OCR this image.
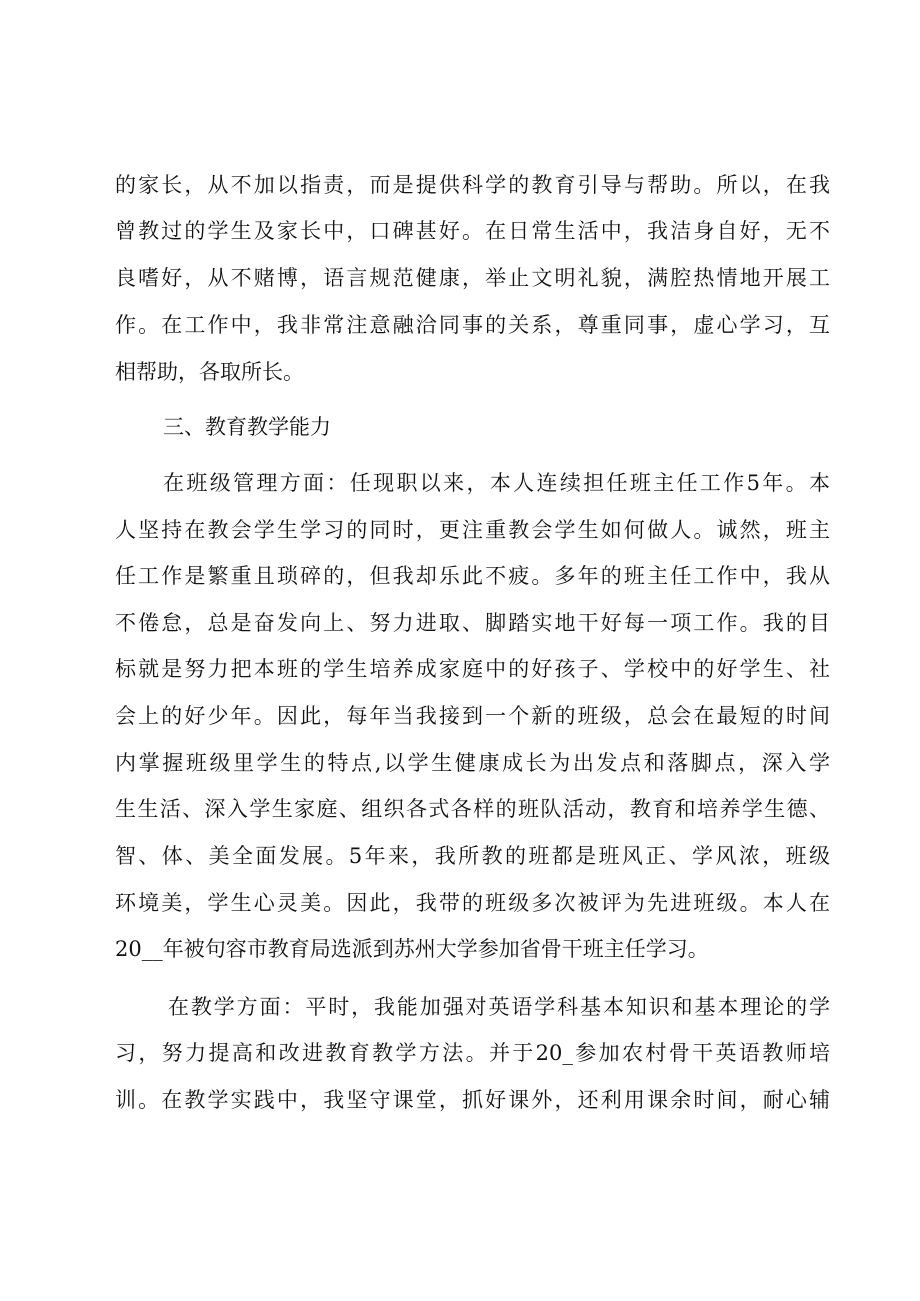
的家长，从不加以指责，而是提供科学的教育引导与帮助。所以，在我
曾教过的学生及家长中，口碑甚好。在日常生活中，我洁身自好，无不
良嗜好，从不赌博，语言规范健康，举止文明礼貌，满腔热情地开展工
作。在工作中，我非常注意融洽同事的关系，尊重同事，虚心学习，互
相帮助，各取所长。
三、教育教学能力
在班级管理方面：任现职以来，本人连续担任班主任工作5年。本
人坚持在教会学生学习的同时，更注重教会学生如何做人。诚然，班主
任工作是繁重且琐碎的，但我却乐此不疲。多年的班主任工作中，我从
不倦怠，总是奋发向上、努力进取、脚踏实地干好每一项工作。我的目
标就是努力把本班的学生培养成家庭中的好孩子、学校中的好学生、社
会上的好少年。因此，每年当我接到一个新的班级，总会在最短的时间
内掌握班级里学生的特点,以学生健康成长为出发点和落脚点，深入学
生生活、深入学生家庭、组织各式各样的班队活动，教育和培养学生德、
智、体、美全面发展。5年来，我所教的班都是班风正、学风浓，班级
环境美，学生心灵美。因此，我带的班级多次被评为先进班级。本人在
20__年被句容市教育局选派到苏州大学参加省骨干班主任学习。
在教学方面：平时，我能加强对英语学科基本知识和基本理论的学
习，努力提高和改进教育教学方法。并于20_参加农村骨干英语教师培
训。在教学实践中，我坚守课堂，抓好课外，还利用课余时间，耐心辅
